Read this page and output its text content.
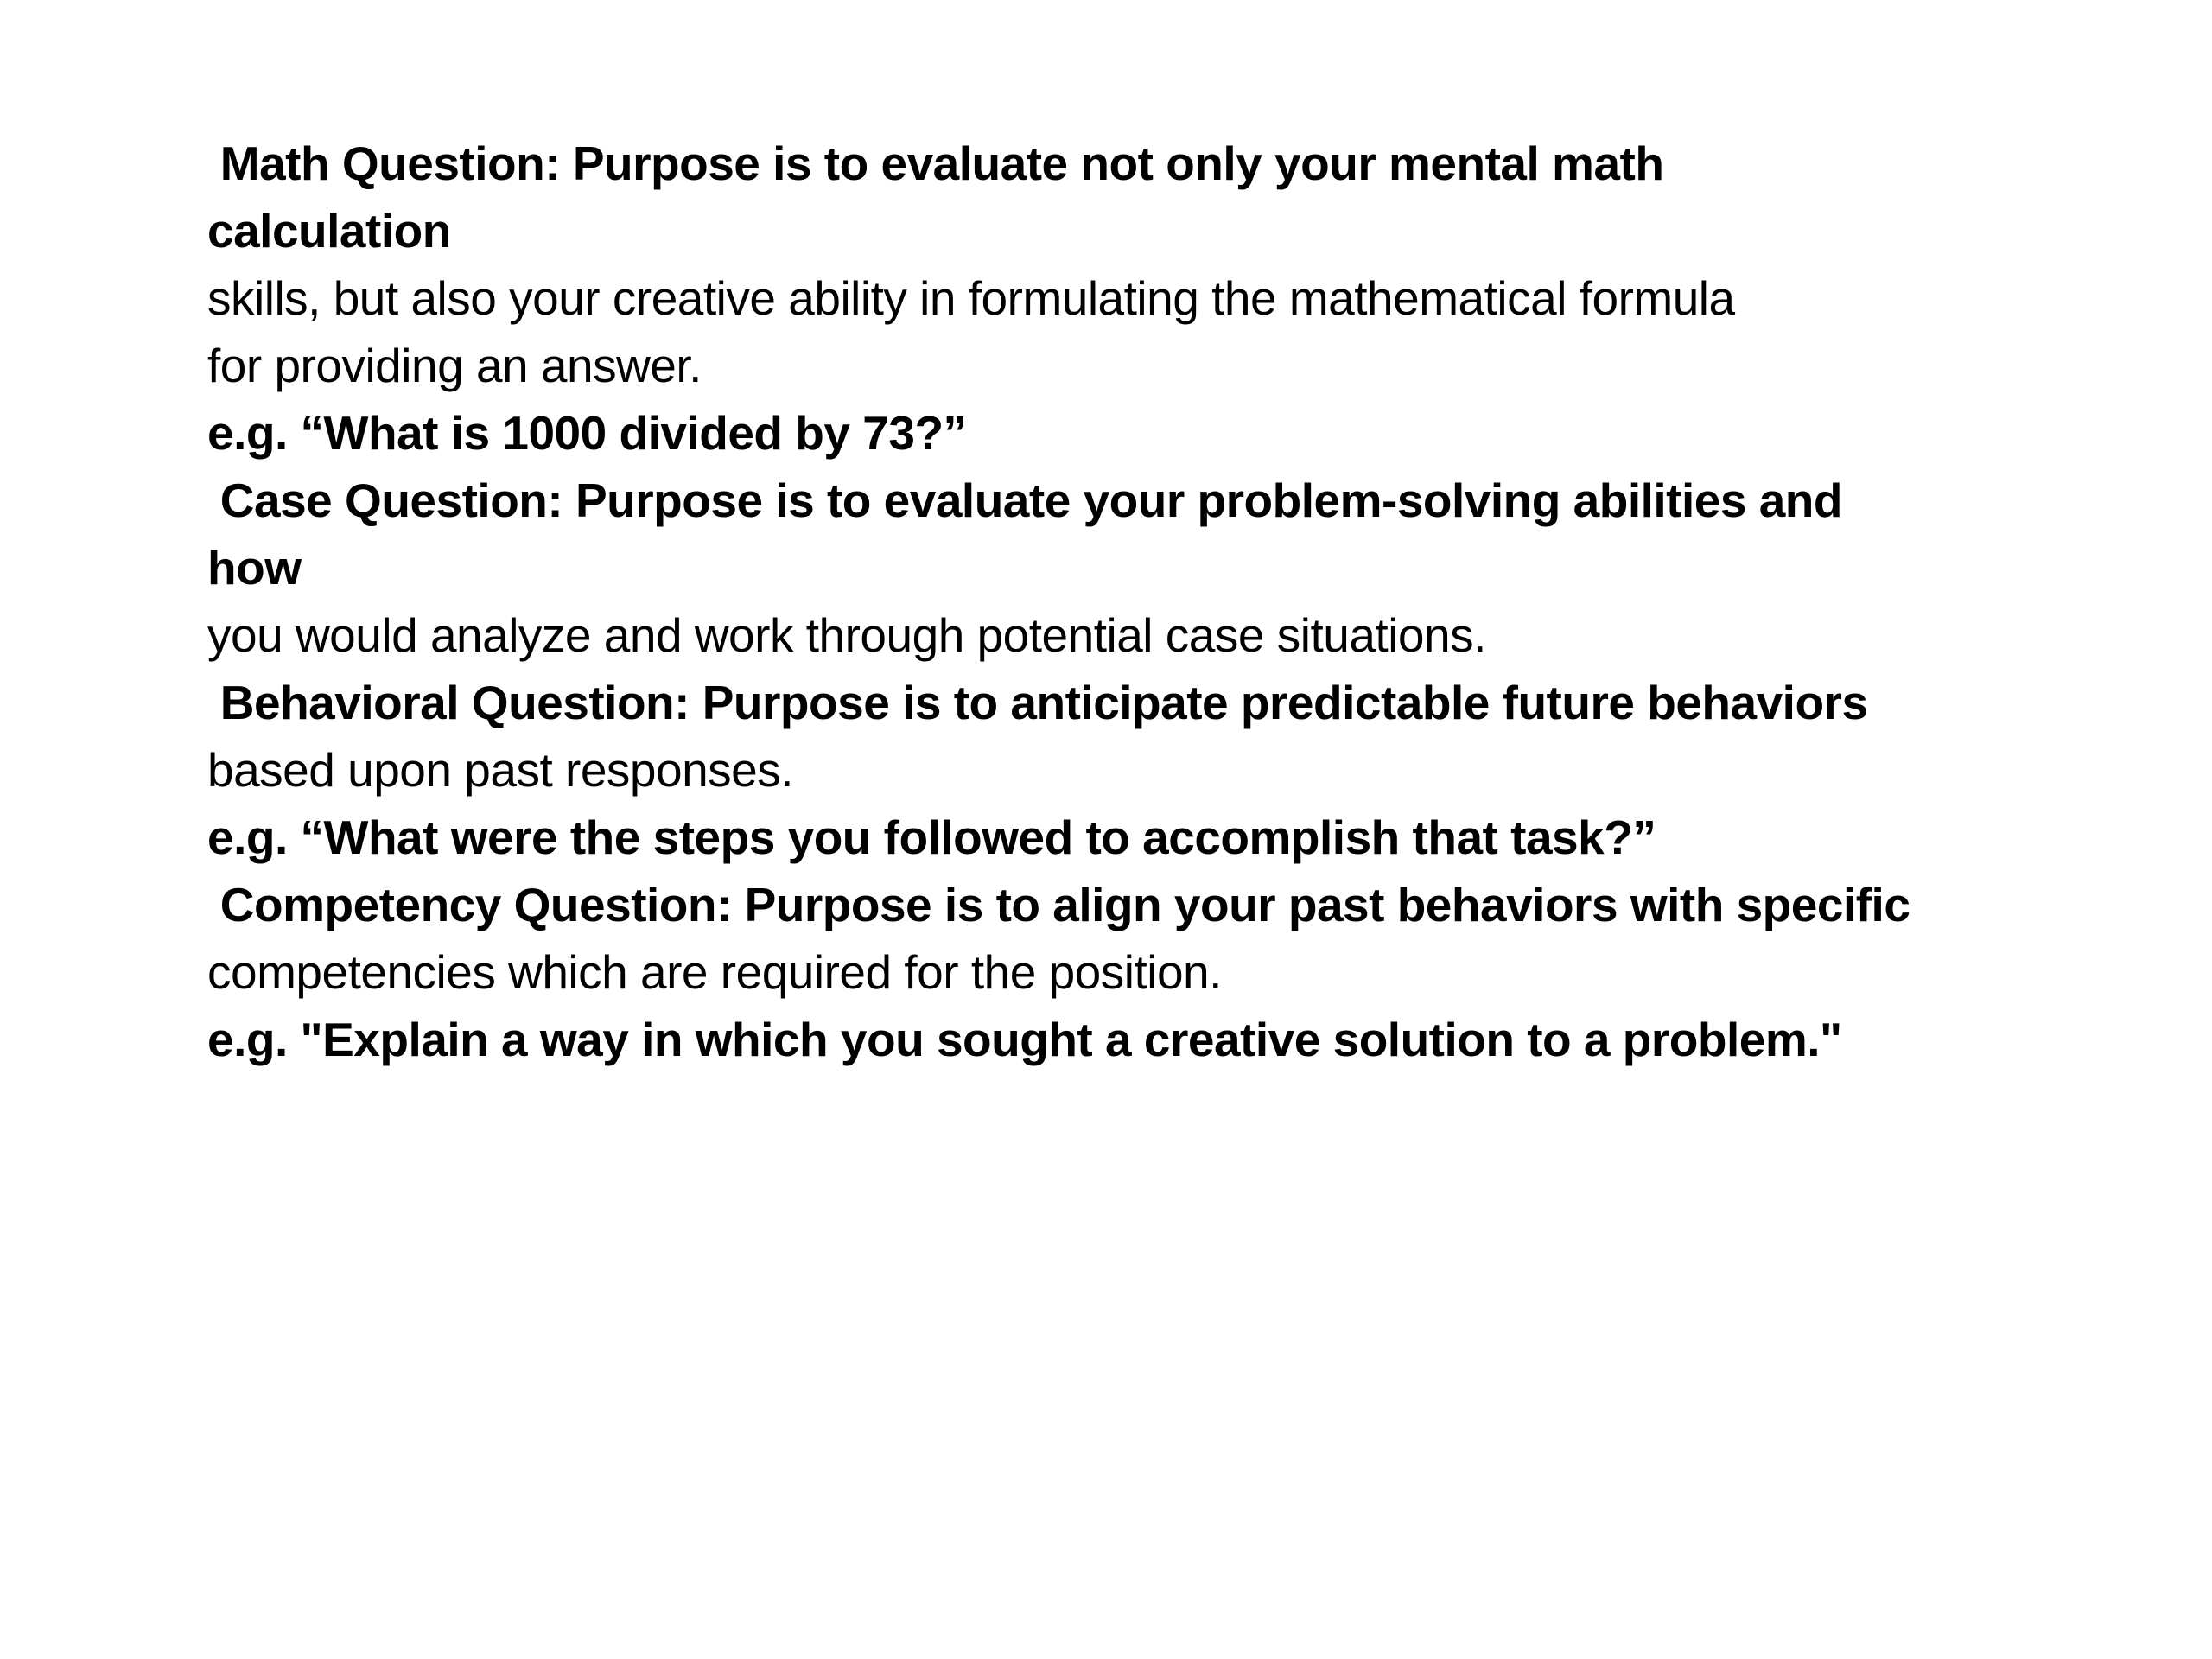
Math Question: Purpose is to evaluate not only your mental math
calculation
skills, but also your creative ability in formulating the mathematical formula
for providing an answer.
e.g. “What is 1000 divided by 73?”
Case Question: Purpose is to evaluate your problem-solving abilities and
how
you would analyze and work through potential case situations.
Behavioral Question: Purpose is to anticipate predictable future behaviors
based upon past responses.
e.g. “What were the steps you followed to accomplish that task?”
Competency Question: Purpose is to align your past behaviors with specific
competencies which are required for the position.
e.g. "Explain a way in which you sought a creative solution to a problem."
